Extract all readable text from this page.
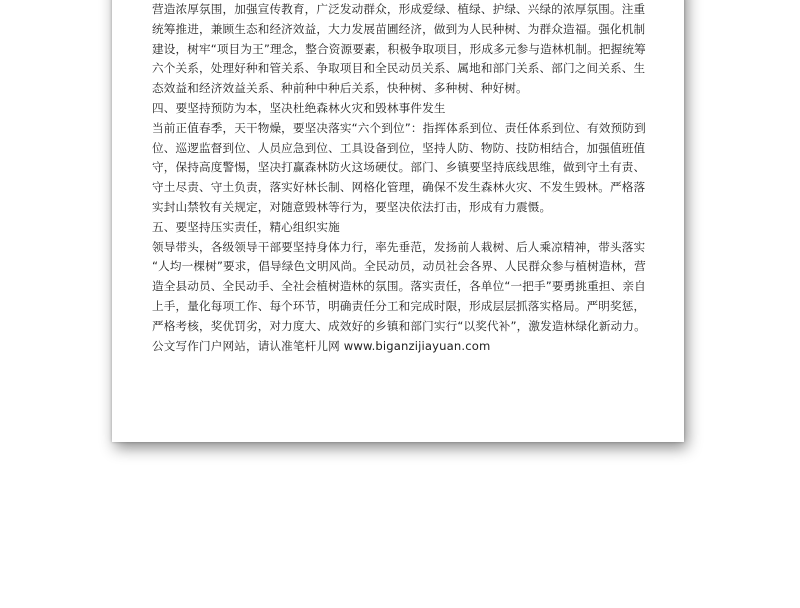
营造浓厚氛围，加强宣传教育，广泛发动群众，形成爱绿、植绿、护绿、兴绿的浓厚氛围。注重

统筹推进，兼顾生态和经济效益，大力发展苗圃经济，做到为人民种树、为群众造福。强化机制

建设，树牢“项目为王”理念，整合资源要素，积极争取项目，形成多元参与造林机制。把握统筹

六个关系，处理好种和管关系、争取项目和全民动员关系、属地和部门关系、部门之间关系、生

态效益和经济效益关系、种前种中种后关系，快种树、多种树、种好树。

四、要坚持预防为本，坚决杜绝森林火灾和毁林事件发生

当前正值春季，天干物燥，要坚决落实“六个到位”：指挥体系到位、责任体系到位、有效预防到

位、巡逻监督到位、人员应急到位、工具设备到位，坚持人防、物防、技防相结合，加强值班值

守，保持高度警惕，坚决打赢森林防火这场硬仗。部门、乡镇要坚持底线思维，做到守土有责、

守土尽责、守土负责，落实好林长制、网格化管理，确保不发生森林火灾、不发生毁林。严格落

实封山禁牧有关规定，对随意毁林等行为，要坚决依法打击，形成有力震慑。

五、要坚持压实责任，精心组织实施

领导带头，各级领导干部要坚持身体力行，率先垂范，发扬前人栽树、后人乘凉精神，带头落实

“人均一棵树”要求，倡导绿色文明风尚。全民动员，动员社会各界、人民群众参与植树造林，营

造全县动员、全民动手、全社会植树造林的氛围。落实责任，各单位“一把手”要勇挑重担、亲自

上手，量化每项工作、每个环节，明确责任分工和完成时限，形成层层抓落实格局。严明奖惩，

严格考核，奖优罚劣，对力度大、成效好的乡镇和部门实行“以奖代补”，激发造林绿化新动力。

公文写作门户网站，请认准笔杆儿网 www.biganzijiayuan.com
